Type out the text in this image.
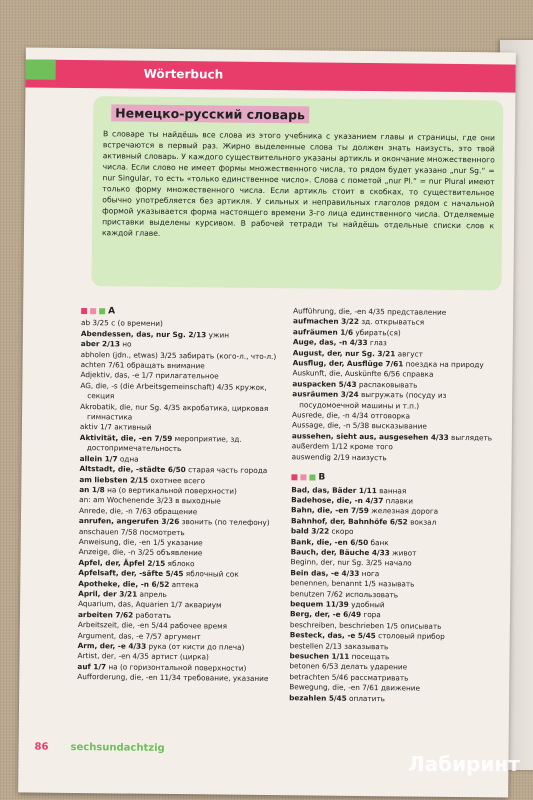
Wörterbuch
Немецко-русский словарь

В словаре ты найдёшь все слова из этого учебника с указанием главы и страницы, где они встречаются в первый раз. Жирно выделенные слова ты должен знать наизусть, это твой активный словарь. У каждого существительного указаны артикль и окончание множественного числа. Если слово не имеет формы множественного числа, то рядом будет указано „nur Sg.“ = nur Singular, то есть «только единственное число». Слова с пометой „nur Pl.“ = nur Plural имеют только форму множественного числа. Если артикль стоит в скобках, то существительное обычно употребляется без артикля. У сильных и неправильных глаголов рядом с начальной формой указывается форма настоящего времени 3-го лица единственного числа. Отделяемые приставки выделены курсивом. В рабочей тетради ты найдёшь отдельные списки слов к каждой главе.

A
ab 3/25 с (о времени)
Abendessen, das, nur Sg. 2/13 ужин
aber 2/13 но
abholen (jdn., etwas) 3/25 забирать (кого-л., что-л.)
achten 7/61 обращать внимание
Adjektiv, das, -e 1/7 прилагательное
AG, die, -s (die Arbeitsgemeinschaft) 4/35 кружок, секция
Akrobatik, die, nur Sg. 4/35 акробатика, цирковая гимнастика
aktiv 1/7 активный
Aktivität, die, -en 7/59 мероприятие, зд. достопримечательность
allein 1/7 одна
Altstadt, die, -städte 6/50 старая часть города
am liebsten 2/15 охотнее всего
an 1/8 на (о вертикальной поверхности)
an: am Wochenende 3/23 в выходные
Anrede, die, -n 7/63 обращение
anrufen, angerufen 3/26 звонить (по телефону)
anschauen 7/58 посмотреть
Anweisung, die, -en 1/5 указание
Anzeige, die, -n 3/25 объявление
Apfel, der, Äpfel 2/15 яблоко
Apfelsaft, der, -säfte 5/45 яблочный сок
Apotheke, die, -n 6/52 аптека
April, der 3/21 апрель
Aquarium, das, Aquarien 1/7 аквариум
arbeiten 7/62 работать
Arbeitszeit, die, -en 5/44 рабочее время
Argument, das, -e 7/57 аргумент
Arm, der, -e 4/33 рука (от кисти до плеча)
Artist, der, -en 4/35 артист (цирка)
auf 1/7 на (о горизонтальной поверхности)
Aufforderung, die, -en 11/34 требование, указание
Aufführung, die, -en 4/35 представление
aufmachen 3/22 зд. открываться
aufräumen 1/6 убирать(ся)
Auge, das, -n 4/33 глаз
August, der, nur Sg. 3/21 август
Ausflug, der, Ausflüge 7/61 поездка на природу
Auskunft, die, Auskünfte 6/56 справка
auspacken 5/43 распаковывать
ausräumen 3/24 выгружать (посуду из посудомоечной машины и т.п.)
Ausrede, die, -n 4/34 отговорка
Aussage, die, -n 5/38 высказывание
aussehen, sieht aus, ausgesehen 4/33 выглядеть
außerdem 1/12 кроме того
auswendig 2/19 наизусть
B
Bad, das, Bäder 1/11 ванная
Badehose, die, -n 4/37 плавки
Bahn, die, -en 7/59 железная дорога
Bahnhof, der, Bahnhöfe 6/52 вокзал
bald 3/22 скоро
Bank, die, -en 6/50 банк
Bauch, der, Bäuche 4/33 живот
Beginn, der, nur Sg. 3/25 начало
Bein das, -e 4/33 нога
benennen, benannt 1/5 называть
benutzen 7/62 использовать
bequem 11/39 удобный
Berg, der, -e 6/49 гора
beschreiben, beschrieben 1/5 описывать
Besteck, das, -e 5/45 столовый прибор
bestellen 2/13 заказывать
besuchen 1/11 посещать
betonen 6/53 делать ударение
betrachten 5/46 рассматривать
Bewegung, die, -en 7/61 движение
bezahlen 5/45 оплатить
86 sechsundachtzig
Лабиринт
